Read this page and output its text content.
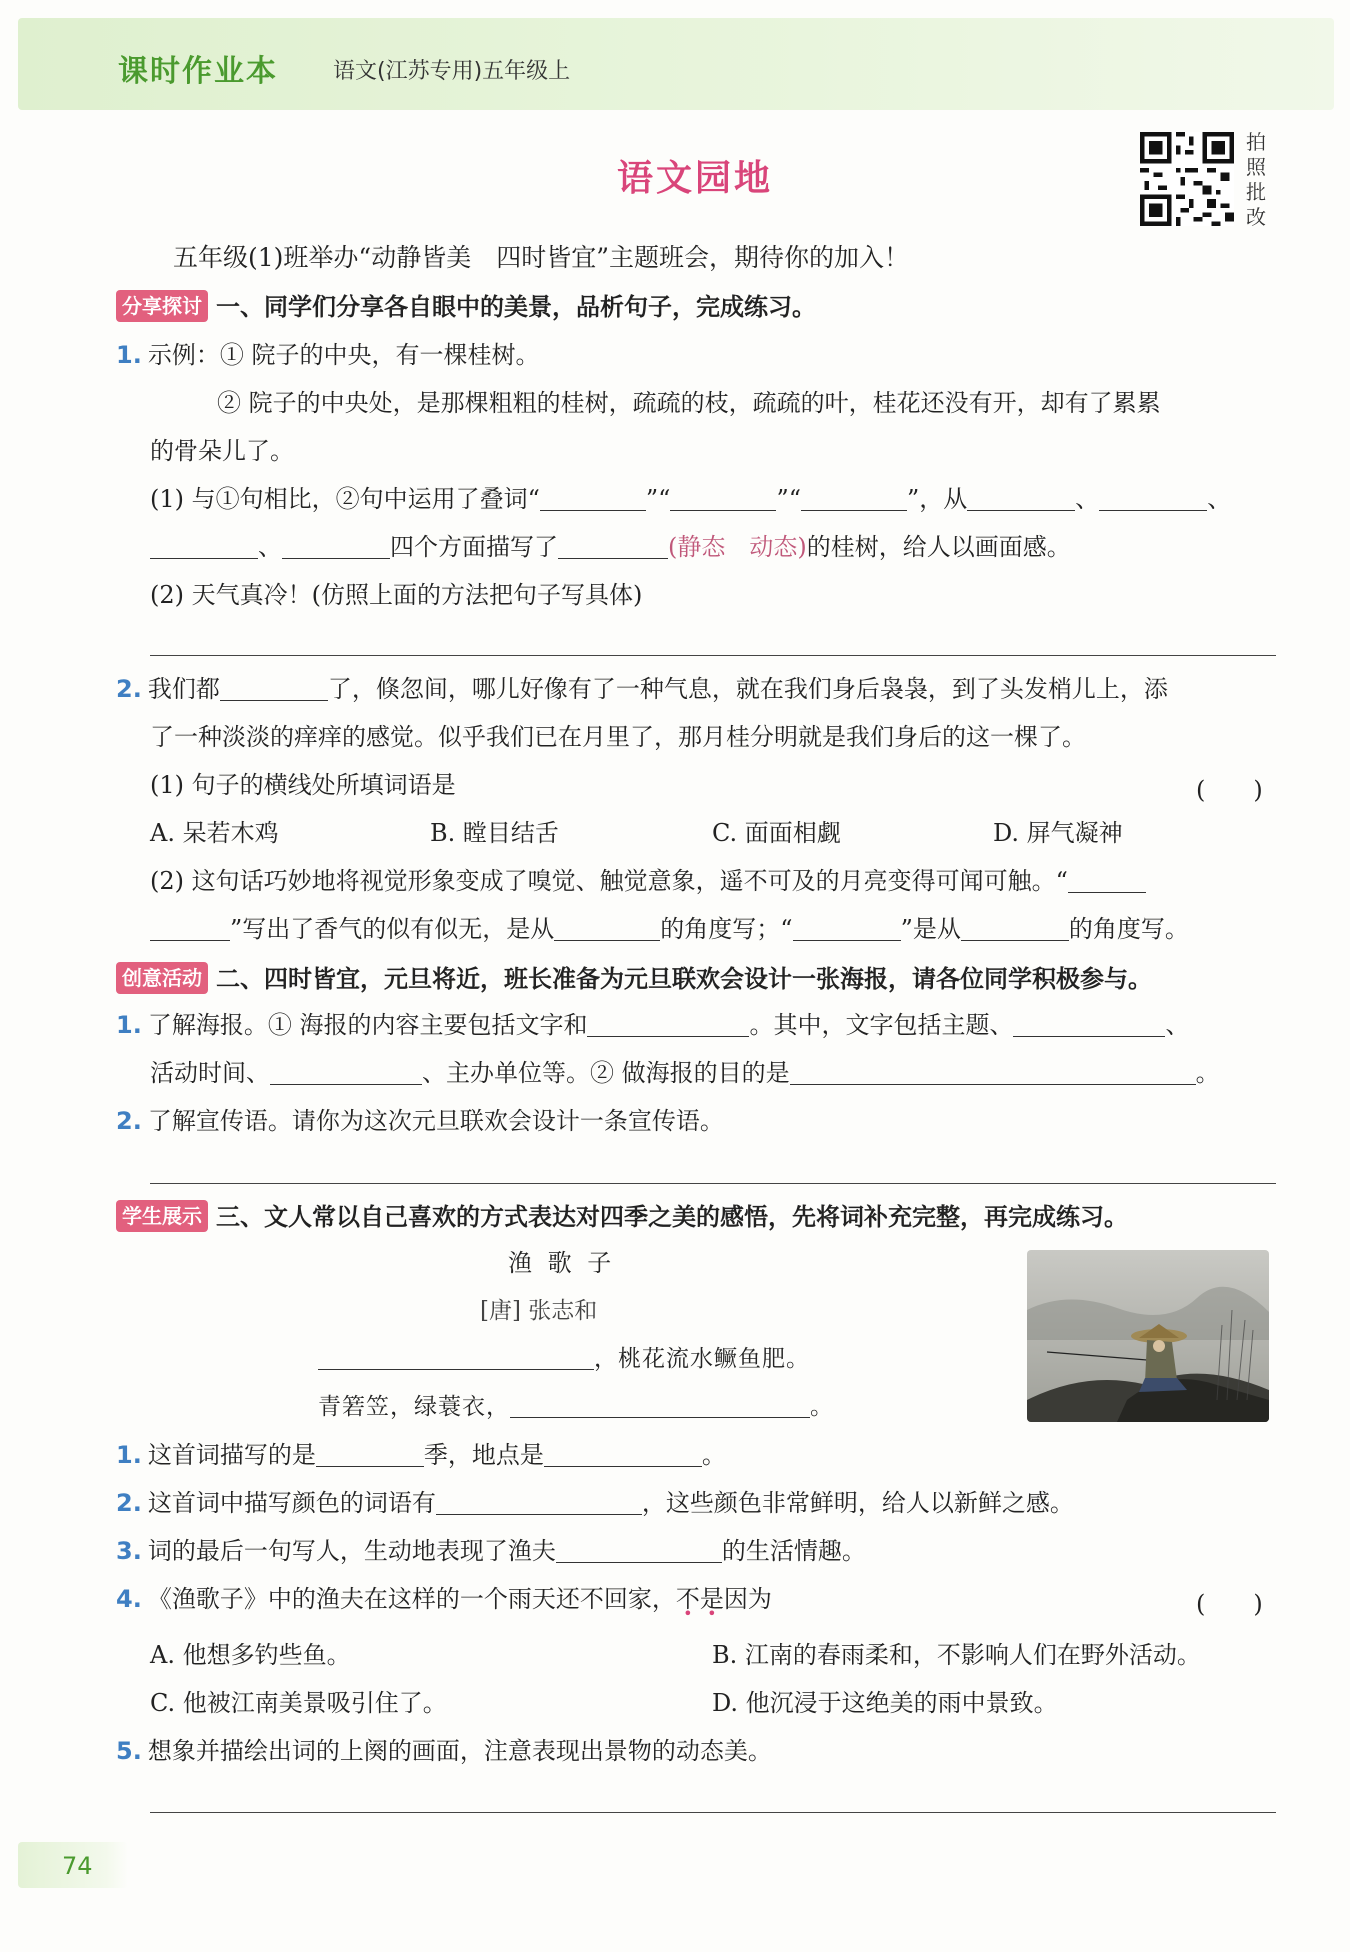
课时作业本	语文(江苏专用)五年级上
语文园地
拍照批改
五年级(1)班举办“动静皆美　四时皆宜”主题班会，期待你的加入！
分享探讨 一、同学们分享各自眼中的美景，品析句子，完成练习。
1. 示例：① 院子的中央，有一棵桂树。
② 院子的中央处，是那棵粗粗的桂树，疏疏的枝，疏疏的叶，桂花还没有开，却有了累累
的骨朵儿了。
(1) 与①句相比，②句中运用了叠词“	”“	”“	”，从	、	、
、	四个方面描写了	(静态　动态)的桂树，给人以画面感。
(2) 天气真冷！(仿照上面的方法把句子写具体)
2. 我们都	了，倏忽间，哪儿好像有了一种气息，就在我们身后袅袅，到了头发梢儿上，添
了一种淡淡的痒痒的感觉。似乎我们已在月里了，那月桂分明就是我们身后的这一棵了。
(1) 句子的横线处所填词语是	(　　)
A. 呆若木鸡	B. 瞠目结舌	C. 面面相觑	D. 屏气凝神
(2) 这句话巧妙地将视觉形象变成了嗅觉、触觉意象，遥不可及的月亮变得可闻可触。“
”写出了香气的似有似无，是从	的角度写；“	”是从	的角度写。
创意活动 二、四时皆宜，元旦将近，班长准备为元旦联欢会设计一张海报，请各位同学积极参与。
1. 了解海报。① 海报的内容主要包括文字和	。其中，文字包括主题、	、
活动时间、	、主办单位等。② 做海报的目的是	。
2. 了解宣传语。请你为这次元旦联欢会设计一条宣传语。
学生展示 三、文人常以自己喜欢的方式表达对四季之美的感悟，先将词补充完整，再完成练习。
渔 歌 子
[唐] 张志和
，桃花流水鳜鱼肥。
青箬笠，绿蓑衣，	。
1. 这首词描写的是	季，地点是	。
2. 这首词中描写颜色的词语有	，这些颜色非常鲜明，给人以新鲜之感。
3. 词的最后一句写人，生动地表现了渔夫	的生活情趣。
4. 《渔歌子》中的渔夫在这样的一个雨天还不回家，不是因为	(　　)
A. 他想多钓些鱼。	B. 江南的春雨柔和，不影响人们在野外活动。
C. 他被江南美景吸引住了。	D. 他沉浸于这绝美的雨中景致。
5. 想象并描绘出词的上阕的画面，注意表现出景物的动态美。
74
